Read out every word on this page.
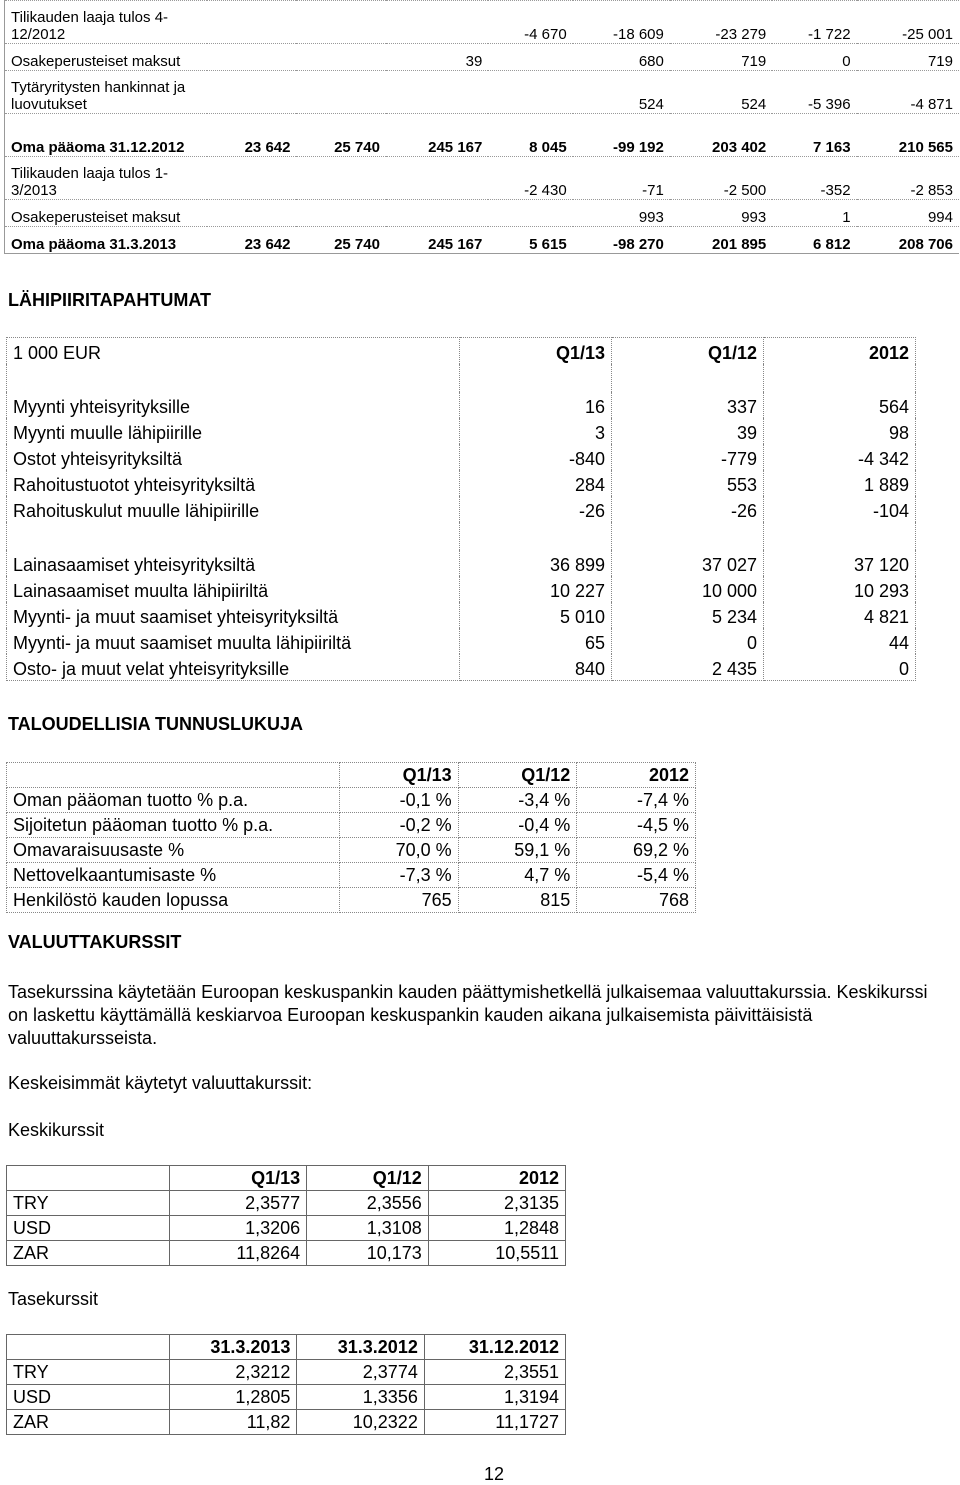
Tilikauden laaja tulos 4-12/2012				-4 670	-18 609	-23 279	-1 722	-25 001
Osakeperusteiset maksut			39		680	719	0	719
Tytäryritysten hankinnat ja luovutukset					524	524	-5 396	-4 871
Oma pääoma 31.12.2012	23 642	25 740	245 167	8 045	-99 192	203 402	7 163	210 565
Tilikauden laaja tulos 1-3/2013				-2 430	-71	-2 500	-352	-2 853
Osakeperusteiset maksut					993	993	1	994
Oma pääoma 31.3.2013	23 642	25 740	245 167	5 615	-98 270	201 895	6 812	208 706
LÄHIPIIRITAPAHTUMAT
1 000 EUR	Q1/13	Q1/12	2012

Myynti yhteisyrityksille	16	337	564
Myynti muulle lähipiirille	3	39	98
Ostot yhteisyrityksiltä	-840	-779	-4 342
Rahoitustuotot yhteisyrityksiltä	284	553	1 889
Rahoituskulut muulle lähipiirille	-26	-26	-104

Lainasaamiset yhteisyrityksiltä	36 899	37 027	37 120
Lainasaamiset muulta lähipiiriltä	10 227	10 000	10 293
Myynti- ja muut saamiset yhteisyrityksiltä	5 010	5 234	4 821
Myynti- ja muut saamiset muulta lähipiiriltä	65	0	44
Osto- ja muut velat yhteisyrityksille	840	2 435	0
TALOUDELLISIA TUNNUSLUKUJA
	Q1/13	Q1/12	2012
Oman pääoman tuotto % p.a.	-0,1 %	-3,4 %	-7,4 %
Sijoitetun pääoman tuotto % p.a.	-0,2 %	-0,4 %	-4,5 %
Omavaraisuusaste %	70,0 %	59,1 %	69,2 %
Nettovelkaantumisaste %	-7,3 %	4,7 %	-5,4 %
Henkilöstö kauden lopussa	765	815	768
VALUUTTAKURSSIT
Tasekurssina käytetään Euroopan keskuspankin kauden päättymishetkellä julkaisemaa valuuttakurssia. Keskikurssi on laskettu käyttämällä keskiarvoa Euroopan keskuspankin kauden aikana julkaisemista päivittäisistä valuuttakursseista.
Keskeisimmät käytetyt valuuttakurssit:
Keskikurssit
	Q1/13	Q1/12	2012
TRY	2,3577	2,3556	2,3135
USD	1,3206	1,3108	1,2848
ZAR	11,8264	10,173	10,5511
Tasekurssit
	31.3.2013	31.3.2012	31.12.2012
TRY	2,3212	2,3774	2,3551
USD	1,2805	1,3356	1,3194
ZAR	11,82	10,2322	11,1727
12
